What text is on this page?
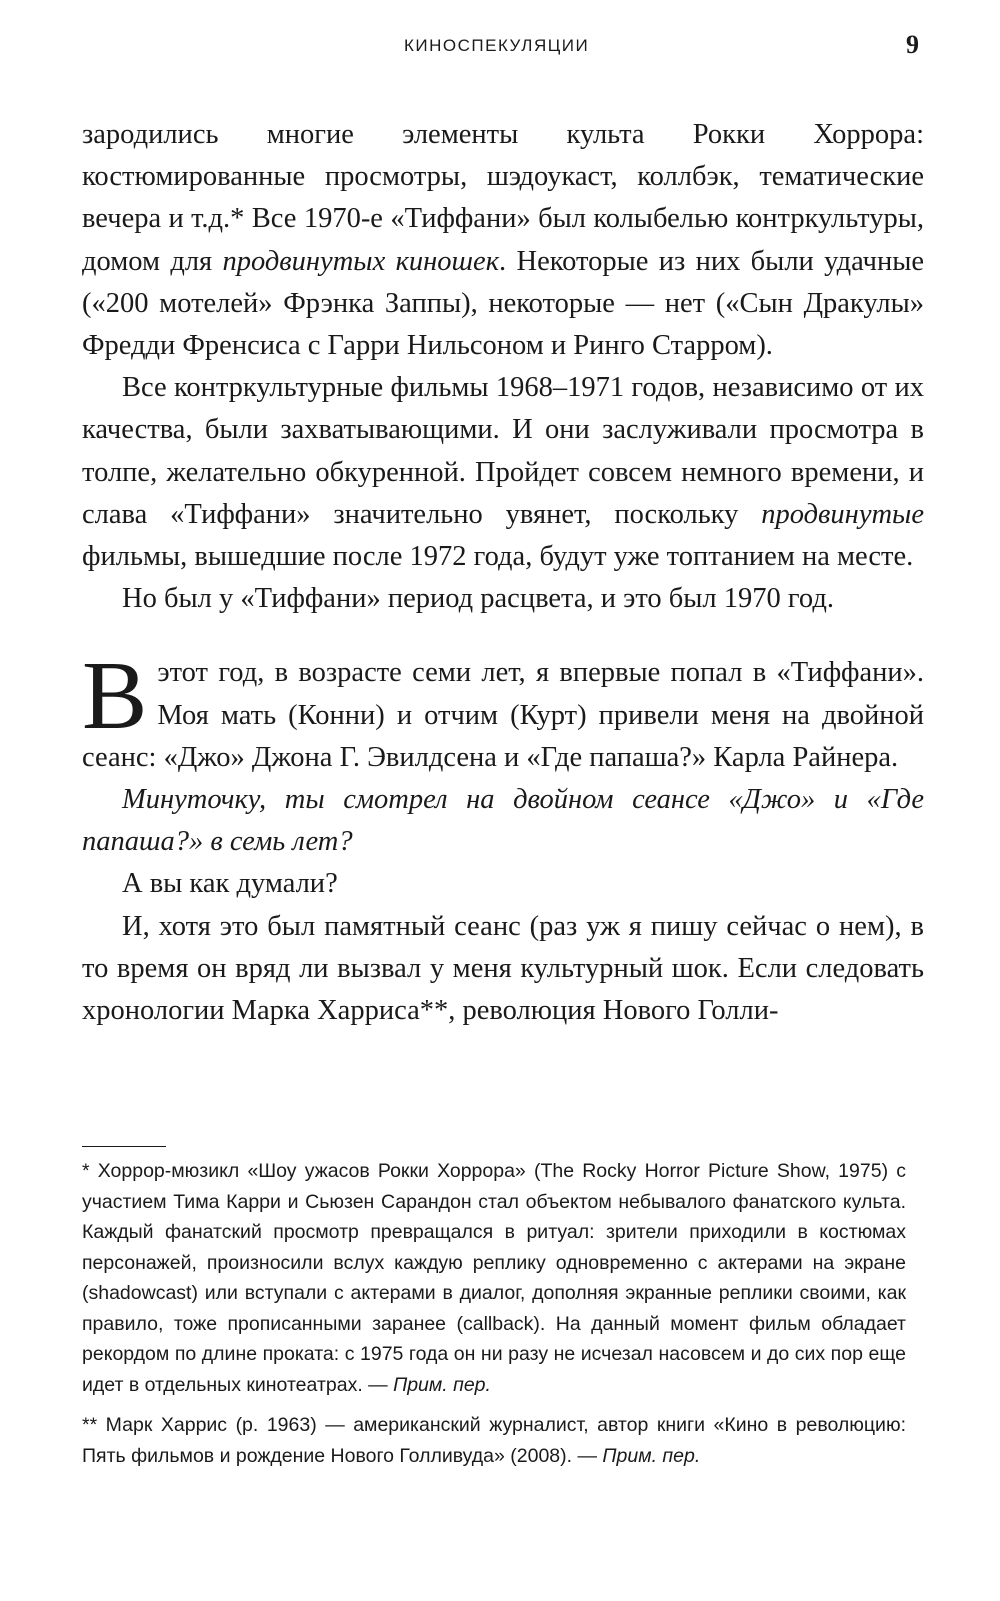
КИНОСПЕКУЛЯЦИИ	9

зародились многие элементы культа Рокки Хоррора: костюмированные просмотры, шэдоукаст, коллбэк, тематические вечера и т.д.* Все 1970-е «Тиффани» был колыбелью контркультуры, домом для продвинутых киношек. Некоторые из них были удачные («200 мотелей» Фрэнка Заппы), некоторые — нет («Сын Дракулы» Фредди Френсиса с Гарри Нильсоном и Ринго Старром).

Все контркультурные фильмы 1968–1971 годов, независимо от их качества, были захватывающими. И они заслуживали просмотра в толпе, желательно обкуренной. Пройдет совсем немного времени, и слава «Тиффани» значительно увянет, поскольку продвинутые фильмы, вышедшие после 1972 года, будут уже топтанием на месте.

Но был у «Тиффани» период расцвета, и это был 1970 год.

В этот год, в возрасте семи лет, я впервые попал в «Тиффани». Моя мать (Конни) и отчим (Курт) привели меня на двойной сеанс: «Джо» Джона Г. Эвилдсена и «Где папаша?» Карла Райнера.

Минуточку, ты смотрел на двойном сеансе «Джо» и «Где папаша?» в семь лет?

А вы как думали?

И, хотя это был памятный сеанс (раз уж я пишу сейчас о нем), в то время он вряд ли вызвал у меня культурный шок. Если следовать хронологии Марка Харриса**, революция Нового Голли-

* Хоррор-мюзикл «Шоу ужасов Рокки Хоррора» (The Rocky Horror Picture Show, 1975) с участием Тима Карри и Сьюзен Сарандон стал объектом небывалого фанатского культа. Каждый фанатский просмотр превращался в ритуал: зрители приходили в костюмах персонажей, произносили вслух каждую реплику одновременно с актерами на экране (shadowcast) или вступали с актерами в диалог, дополняя экранные реплики своими, как правило, тоже прописанными заранее (callback). На данный момент фильм обладает рекордом по длине проката: с 1975 года он ни разу не исчезал насовсем и до сих пор еще идет в отдельных кинотеатрах. — Прим. пер.

** Марк Харрис (р. 1963) — американский журналист, автор книги «Кино в революцию: Пять фильмов и рождение Нового Голливуда» (2008). — Прим. пер.
